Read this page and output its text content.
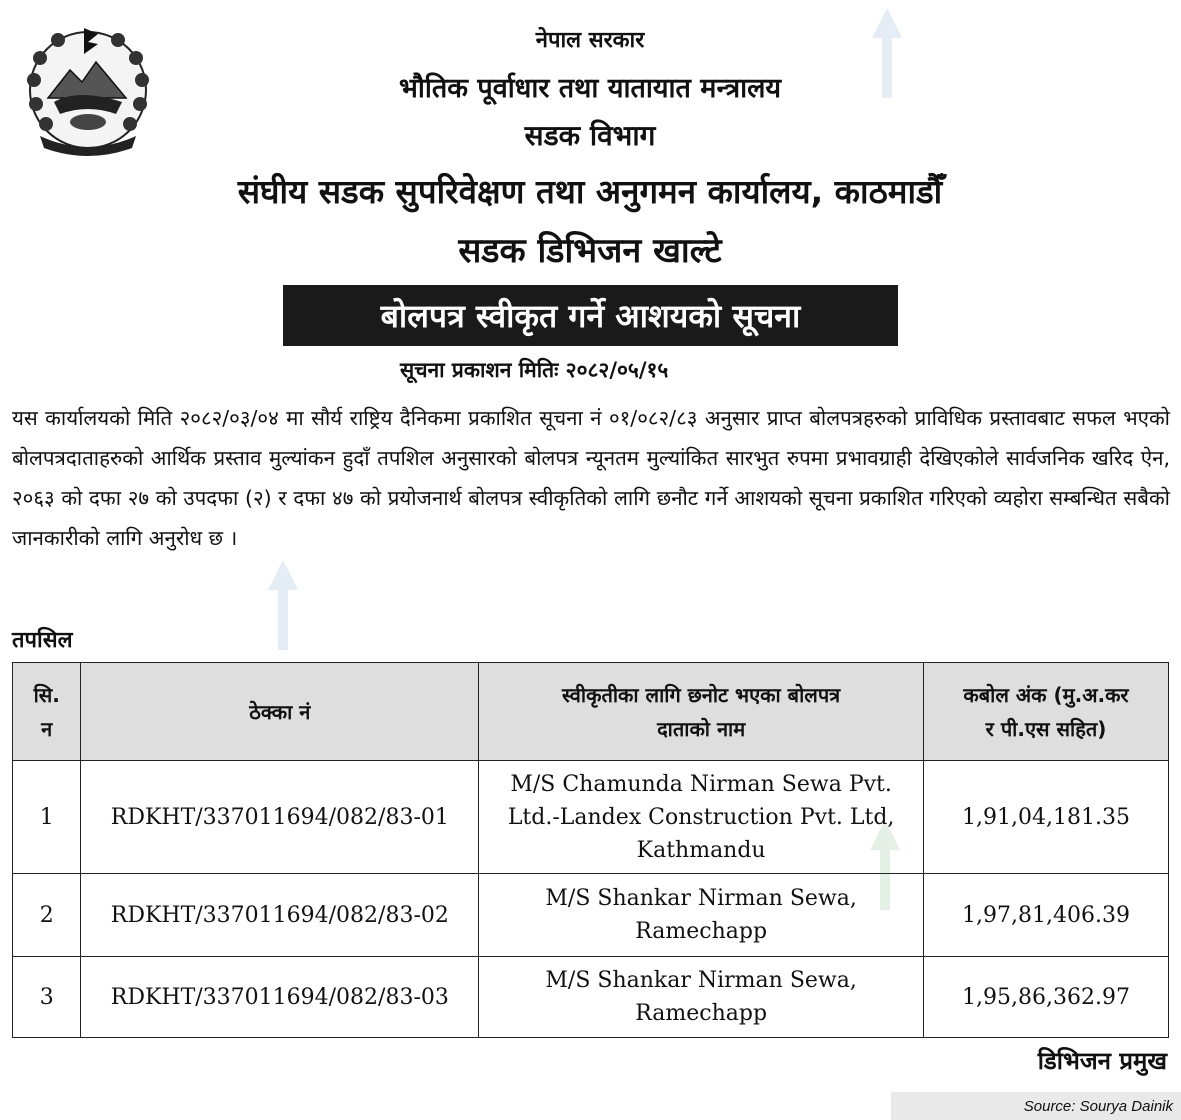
नेपाल सरकार
भौतिक पूर्वाधार तथा यातायात मन्त्रालय
सडक विभाग
संघीय सडक सुपरिवेक्षण तथा अनुगमन कार्यालय, काठमाडौँ
सडक डिभिजन खाल्टे
बोलपत्र स्वीकृत गर्ने आशयको सूचना
सूचना प्रकाशन मितिः २०८२/०५/१५
यस कार्यालयको मिति २०८२/०३/०४ मा सौर्य राष्ट्रिय दैनिकमा प्रकाशित सूचना नं ०१/०८२/८३ अनुसार प्राप्त बोलपत्रहरुको प्राविधिक प्रस्तावबाट सफल भएको बोलपत्रदाताहरुको आर्थिक प्रस्ताव मुल्यांकन हुदाँ तपशिल अनुसारको बोलपत्र न्यूनतम मुल्यांकित सारभुत रुपमा प्रभावग्राही देखिएकोले सार्वजनिक खरिद ऐन, २०६३ को दफा २७ को उपदफा (२) र दफा ४७ को प्रयोजनार्थ बोलपत्र स्वीकृतिको लागि छनौट गर्ने आशयको सूचना प्रकाशित गरिएको व्यहोरा सम्बन्धित सबैको जानकारीको लागि अनुरोध छ ।
तपसिल
सि.
न	ठेक्का नं	स्वीकृतीका लागि छनोट भएका बोलपत्र
दाताको नाम	कबोल अंक (मु.अ.कर
र पी.एस सहित)
1	RDKHT/337011694/082/83-01	M/S Chamunda Nirman Sewa Pvt.
Ltd.-Landex Construction Pvt. Ltd,
Kathmandu	1,91,04,181.35
2	RDKHT/337011694/082/83-02	M/S Shankar Nirman Sewa,
Ramechapp	1,97,81,406.39
3	RDKHT/337011694/082/83-03	M/S Shankar Nirman Sewa,
Ramechapp	1,95,86,362.97
डिभिजन प्रमुख
Source: Sourya Dainik
